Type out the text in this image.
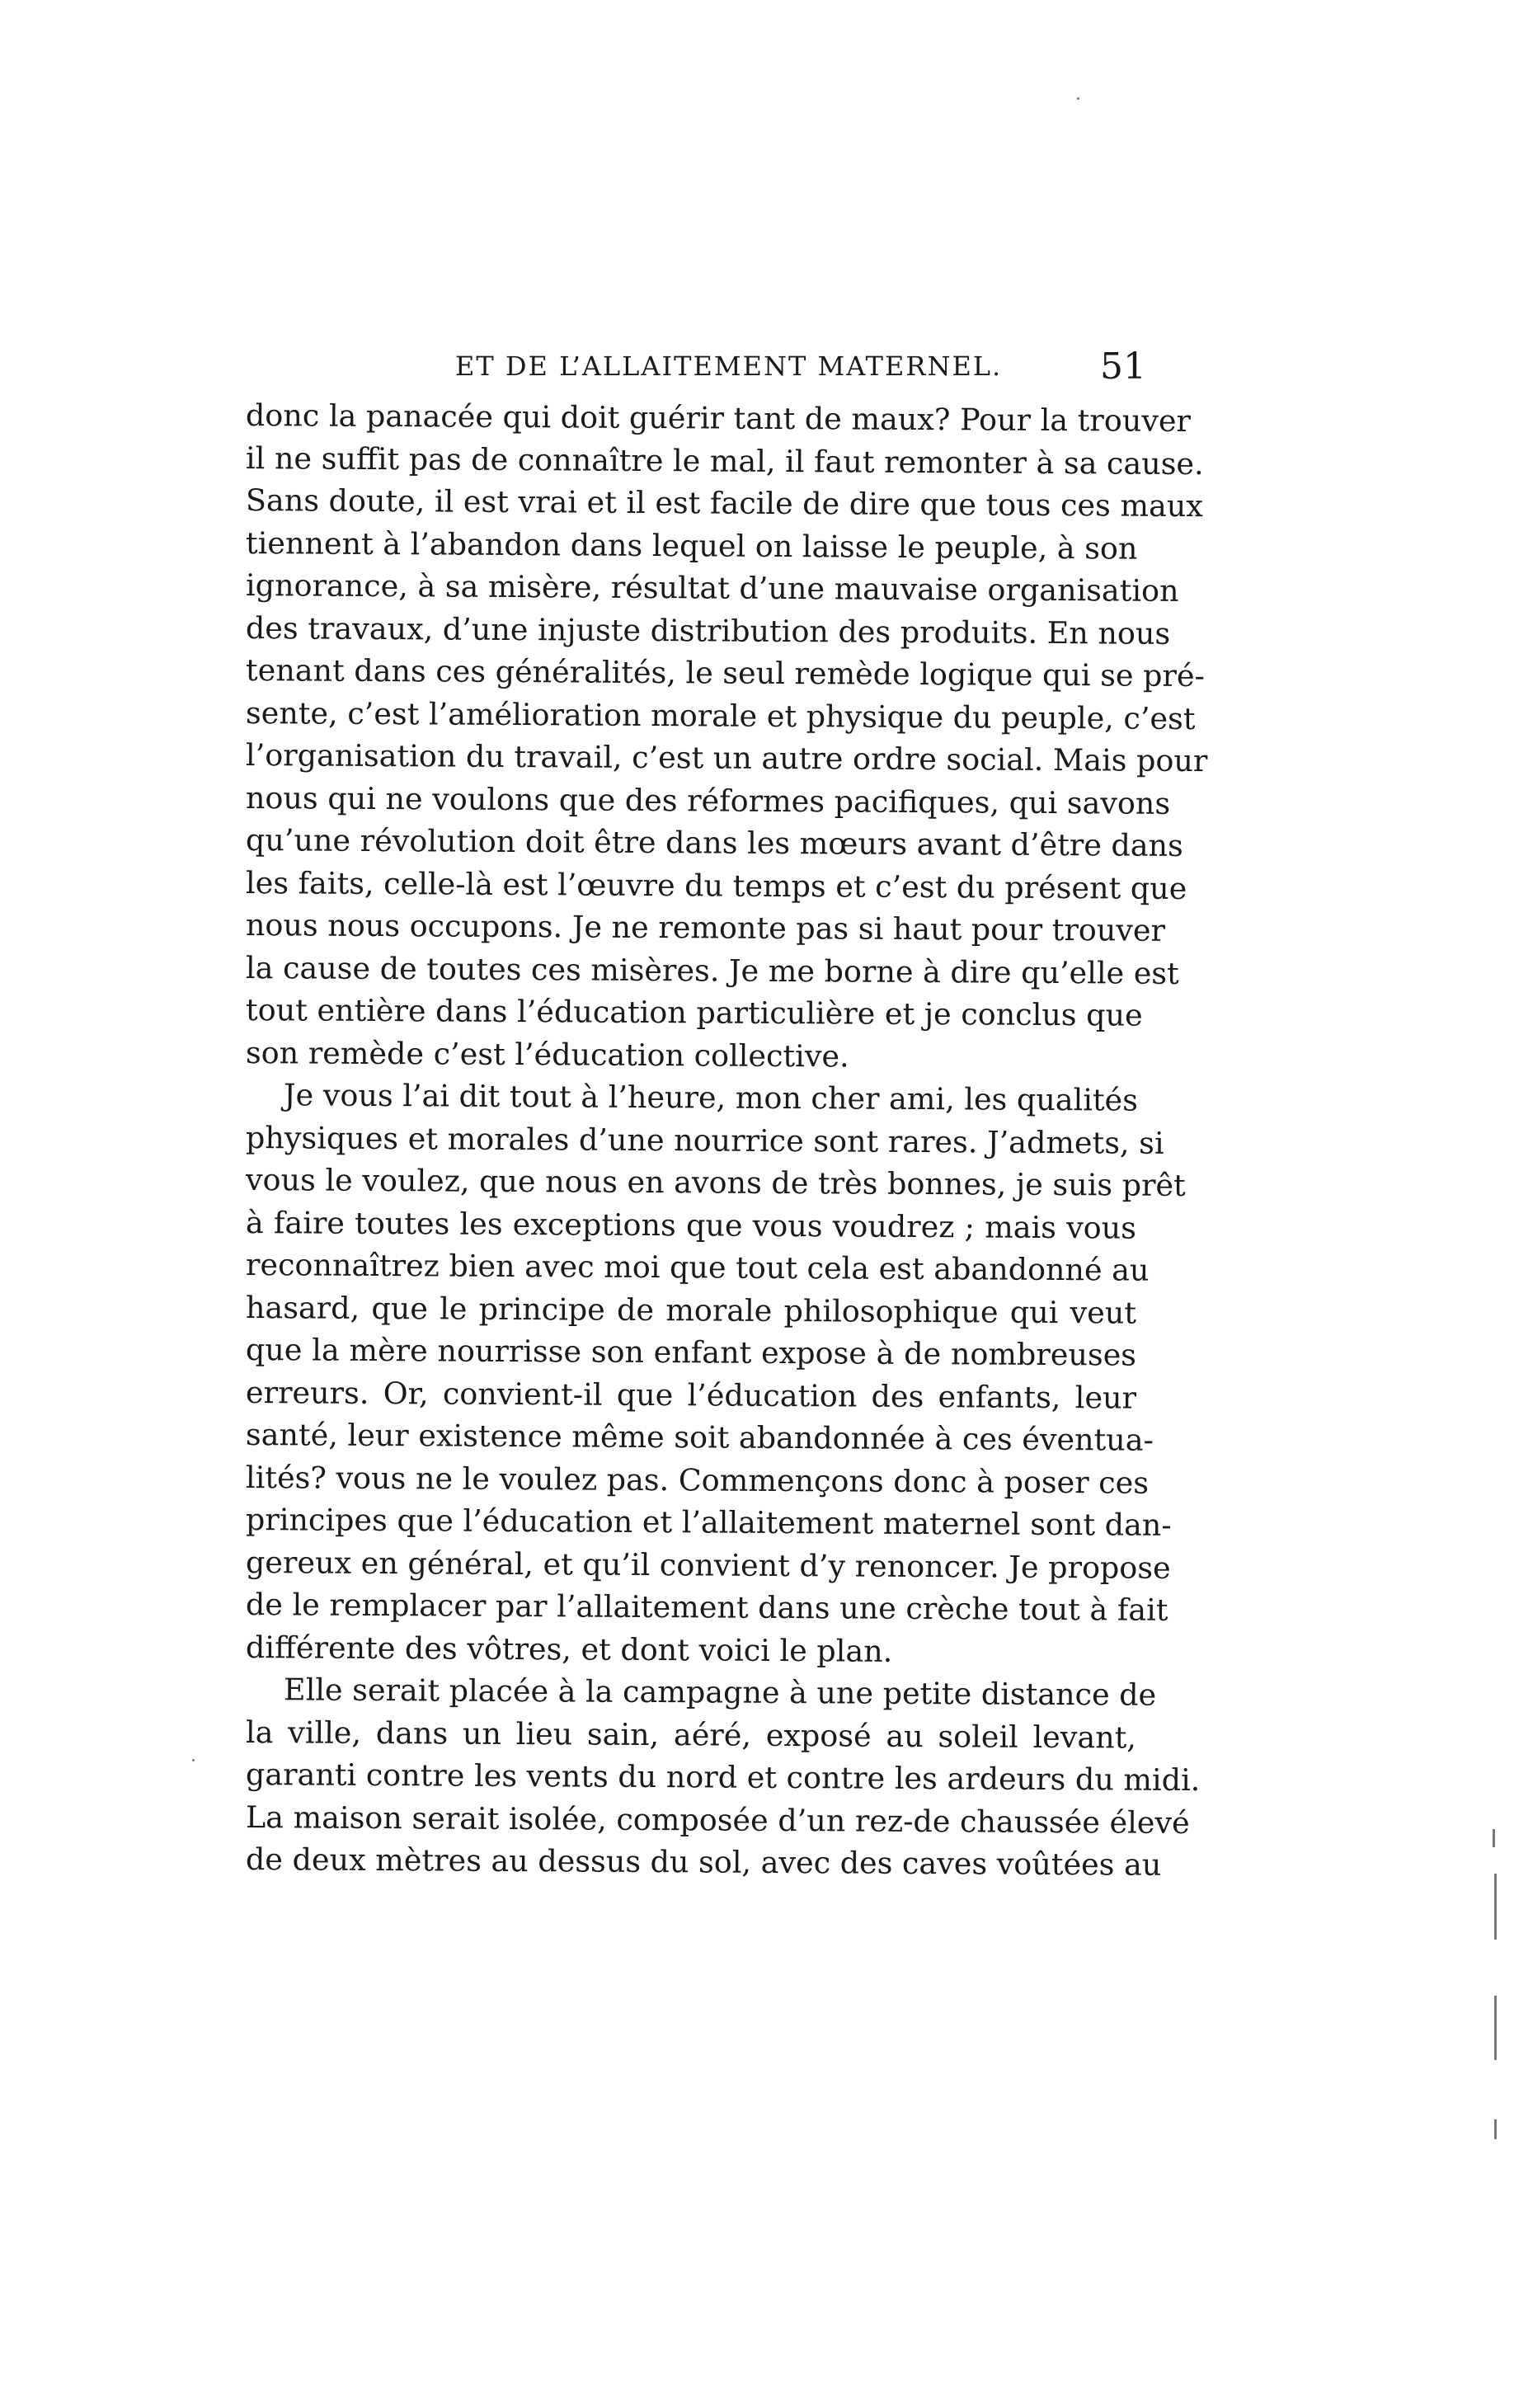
ET DE L’ALLAITEMENT MATERNEL.	51
donc la panacée qui doit guérir tant de maux? Pour la trouver
il ne suffit pas de connaître le mal, il faut remonter à sa cause.
Sans doute, il est vrai et il est facile de dire que tous ces maux
tiennent à l’abandon dans lequel on laisse le peuple, à son
ignorance, à sa misère, résultat d’une mauvaise organisation
des travaux, d’une injuste distribution des produits. En nous
tenant dans ces généralités, le seul remède logique qui se pré-
sente, c’est l’amélioration morale et physique du peuple, c’est
l’organisation du travail, c’est un autre ordre social. Mais pour
nous qui ne voulons que des réformes pacifiques, qui savons
qu’une révolution doit être dans les mœurs avant d’être dans
les faits, celle-là est l’œuvre du temps et c’est du présent que
nous nous occupons. Je ne remonte pas si haut pour trouver
la cause de toutes ces misères. Je me borne à dire qu’elle est
tout entière dans l’éducation particulière et je conclus que
son remède c’est l’éducation collective.
Je vous l’ai dit tout à l’heure, mon cher ami, les qualités
physiques et morales d’une nourrice sont rares. J’admets, si
vous le voulez, que nous en avons de très bonnes, je suis prêt
à faire toutes les exceptions que vous voudrez ; mais vous
reconnaîtrez bien avec moi que tout cela est abandonné au
hasard, que le principe de morale philosophique qui veut
que la mère nourrisse son enfant expose à de nombreuses
erreurs. Or, convient-il que l’éducation des enfants, leur
santé, leur existence même soit abandonnée à ces éventua-
lités? vous ne le voulez pas. Commençons donc à poser ces
principes que l’éducation et l’allaitement maternel sont dan-
gereux en général, et qu’il convient d’y renoncer. Je propose
de le remplacer par l’allaitement dans une crèche tout à fait
différente des vôtres, et dont voici le plan.
Elle serait placée à la campagne à une petite distance de
la ville, dans un lieu sain, aéré, exposé au soleil levant,
garanti contre les vents du nord et contre les ardeurs du midi.
La maison serait isolée, composée d’un rez-de chaussée élevé
de deux mètres au dessus du sol, avec des caves voûtées au
